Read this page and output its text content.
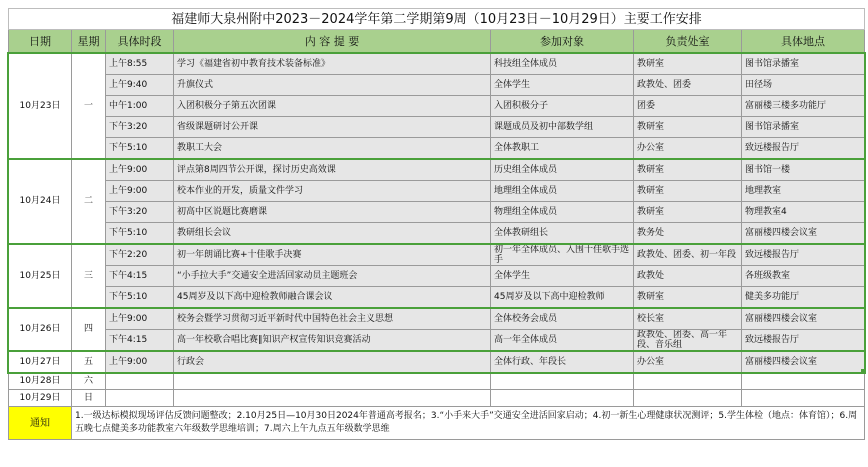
福建师大泉州附中2023－2024学年第二学期第9周（10月23日－10月29日）主要工作安排						
日期	星期	具体时段	内 容 提 要	参加对象	负责处室	具体地点
10月23日	一	上午8:55	学习《福建省初中教育技术装备标准》	科技组全体成员	教研室	图书馆录播室
		上午9:40	升旗仪式	全体学生	政教处、团委	田径场
		中午1:00	入团积极分子第五次团课	入团积极分子	团委	富丽楼三楼多功能厅
		下午3:20	省级课题研讨公开课	课题成员及初中部数学组	教研室	图书馆录播室
		下午5:10	教职工大会	全体教职工	办公室	致远楼报告厅
10月24日	二	上午9:00	评点第8周四节公开课，探讨历史高效课	历史组全体成员	教研室	图书馆一楼
		上午9:00	校本作业的开发，质量文件学习	地理组全体成员	教研室	地理教室
		下午3:20	初高中区说题比赛磨课	物理组全体成员	教研室	物理教室4
		下午5:10	教研组长会议	全体教研组长	教务处	富丽楼四楼会议室
10月25日	三	下午2:20	初一年朗诵比赛+十佳歌手决赛	初一年全体成员、入围十佳歌手选手	政教处、团委、初一年段	致远楼报告厅
		下午4:15	“小手拉大手”交通安全进活回家动员主题班会	全体学生	政教处	各班级教室
		下午5:10	45周岁及以下高中迎检教师融合课会议	45周岁及以下高中迎检教师	教研室	健美多功能厅
10月26日	四	上午9:00	校务会暨学习贯彻习近平新时代中国特色社会主义思想	全体校务会成员	校长室	富丽楼四楼会议室
		下午4:15	高一年校歌合唱比赛‖知识产权宣传知识竞赛活动	高一年全体成员	政教处、团委、高一年段、音乐组	致远楼报告厅
10月27日	五	上午9:00	行政会	全体行政、年段长	办公室	富丽楼四楼会议室
10月28日	六					
10月29日	日					
通知	1.一级达标模拟现场评估反馈问题整改；2.10月25日—10月30日2024年普通高考报名；3.“小手来大手”交通安全进活回家启动；4.初一新生心理健康状况测评；5.学生体检（地点：体育馆）；6.周五晚七点健美多功能教室六年级数学思维培训；7.周六上午九点五年级数学思维					
